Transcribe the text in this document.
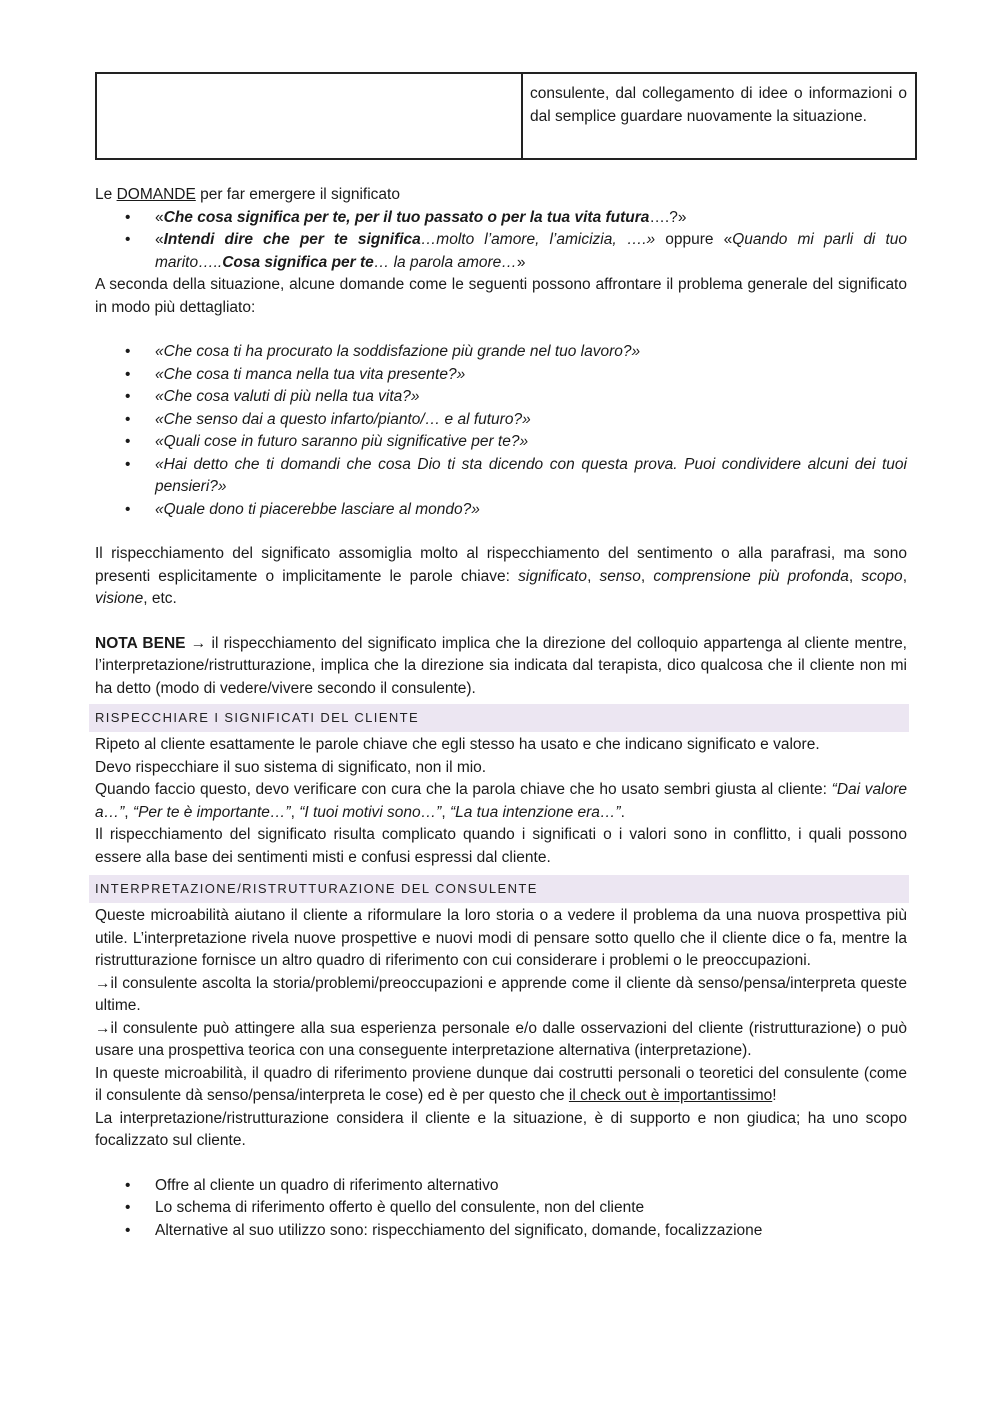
	consulente, dal collegamento di idee o informazioni o dal semplice guardare nuovamente la situazione.

Le DOMANDE per far emergere il significato

• «Che cosa significa per te, per il tuo passato o per la tua vita futura….?»
• «Intendi dire che per te significa…molto l’amore, l’amicizia, ….» oppure «Quando mi parli di tuo marito…..Cosa significa per te… la parola amore…»

A seconda della situazione, alcune domande come le seguenti possono affrontare il problema generale del significato in modo più dettagliato:

• «Che cosa ti ha procurato la soddisfazione più grande nel tuo lavoro?»
• «Che cosa ti manca nella tua vita presente?»
• «Che cosa valuti di più nella tua vita?»
• «Che senso dai a questo infarto/pianto/… e al futuro?»
• «Quali cose in futuro saranno più significative per te?»
• «Hai detto che ti domandi che cosa Dio ti sta dicendo con questa prova. Puoi condividere alcuni dei tuoi pensieri?»
• «Quale dono ti piacerebbe lasciare al mondo?»

Il rispecchiamento del significato assomiglia molto al rispecchiamento del sentimento o alla parafrasi, ma sono presenti esplicitamente o implicitamente le parole chiave: significato, senso, comprensione più profonda, scopo, visione, etc.

NOTA BENE → il rispecchiamento del significato implica che la direzione del colloquio appartenga al cliente mentre, l’interpretazione/ristrutturazione, implica che la direzione sia indicata dal terapista, dico qualcosa che il cliente non mi ha detto (modo di vedere/vivere secondo il consulente).

RISPECCHIARE I SIGNIFICATI DEL CLIENTE

Ripeto al cliente esattamente le parole chiave che egli stesso ha usato e che indicano significato e valore.

Devo rispecchiare il suo sistema di significato, non il mio.

Quando faccio questo, devo verificare con cura che la parola chiave che ho usato sembri giusta al cliente: “Dai valore a…”, “Per te è importante…”, “I tuoi motivi sono…”, “La tua intenzione era…”.

Il rispecchiamento del significato risulta complicato quando i significati o i valori sono in conflitto, i quali possono essere alla base dei sentimenti misti e confusi espressi dal cliente.

INTERPRETAZIONE/RISTRUTTURAZIONE DEL CONSULENTE

Queste microabilità aiutano il cliente a riformulare la loro storia o a vedere il problema da una nuova prospettiva più utile. L’interpretazione rivela nuove prospettive e nuovi modi di pensare sotto quello che il cliente dice o fa, mentre la ristrutturazione fornisce un altro quadro di riferimento con cui considerare i problemi o le preoccupazioni.

→il consulente ascolta la storia/problemi/preoccupazioni e apprende come il cliente dà senso/pensa/interpreta queste ultime.

→il consulente può attingere alla sua esperienza personale e/o dalle osservazioni del cliente (ristrutturazione) o può usare una prospettiva teorica con una conseguente interpretazione alternativa (interpretazione).

In queste microabilità, il quadro di riferimento proviene dunque dai costrutti personali o teoretici del consulente (come il consulente dà senso/pensa/interpreta le cose) ed è per questo che il check out è importantissimo!

La interpretazione/ristrutturazione considera il cliente e la situazione, è di supporto e non giudica; ha uno scopo focalizzato sul cliente.

• Offre al cliente un quadro di riferimento alternativo
• Lo schema di riferimento offerto è quello del consulente, non del cliente
• Alternative al suo utilizzo sono: rispecchiamento del significato, domande, focalizzazione
